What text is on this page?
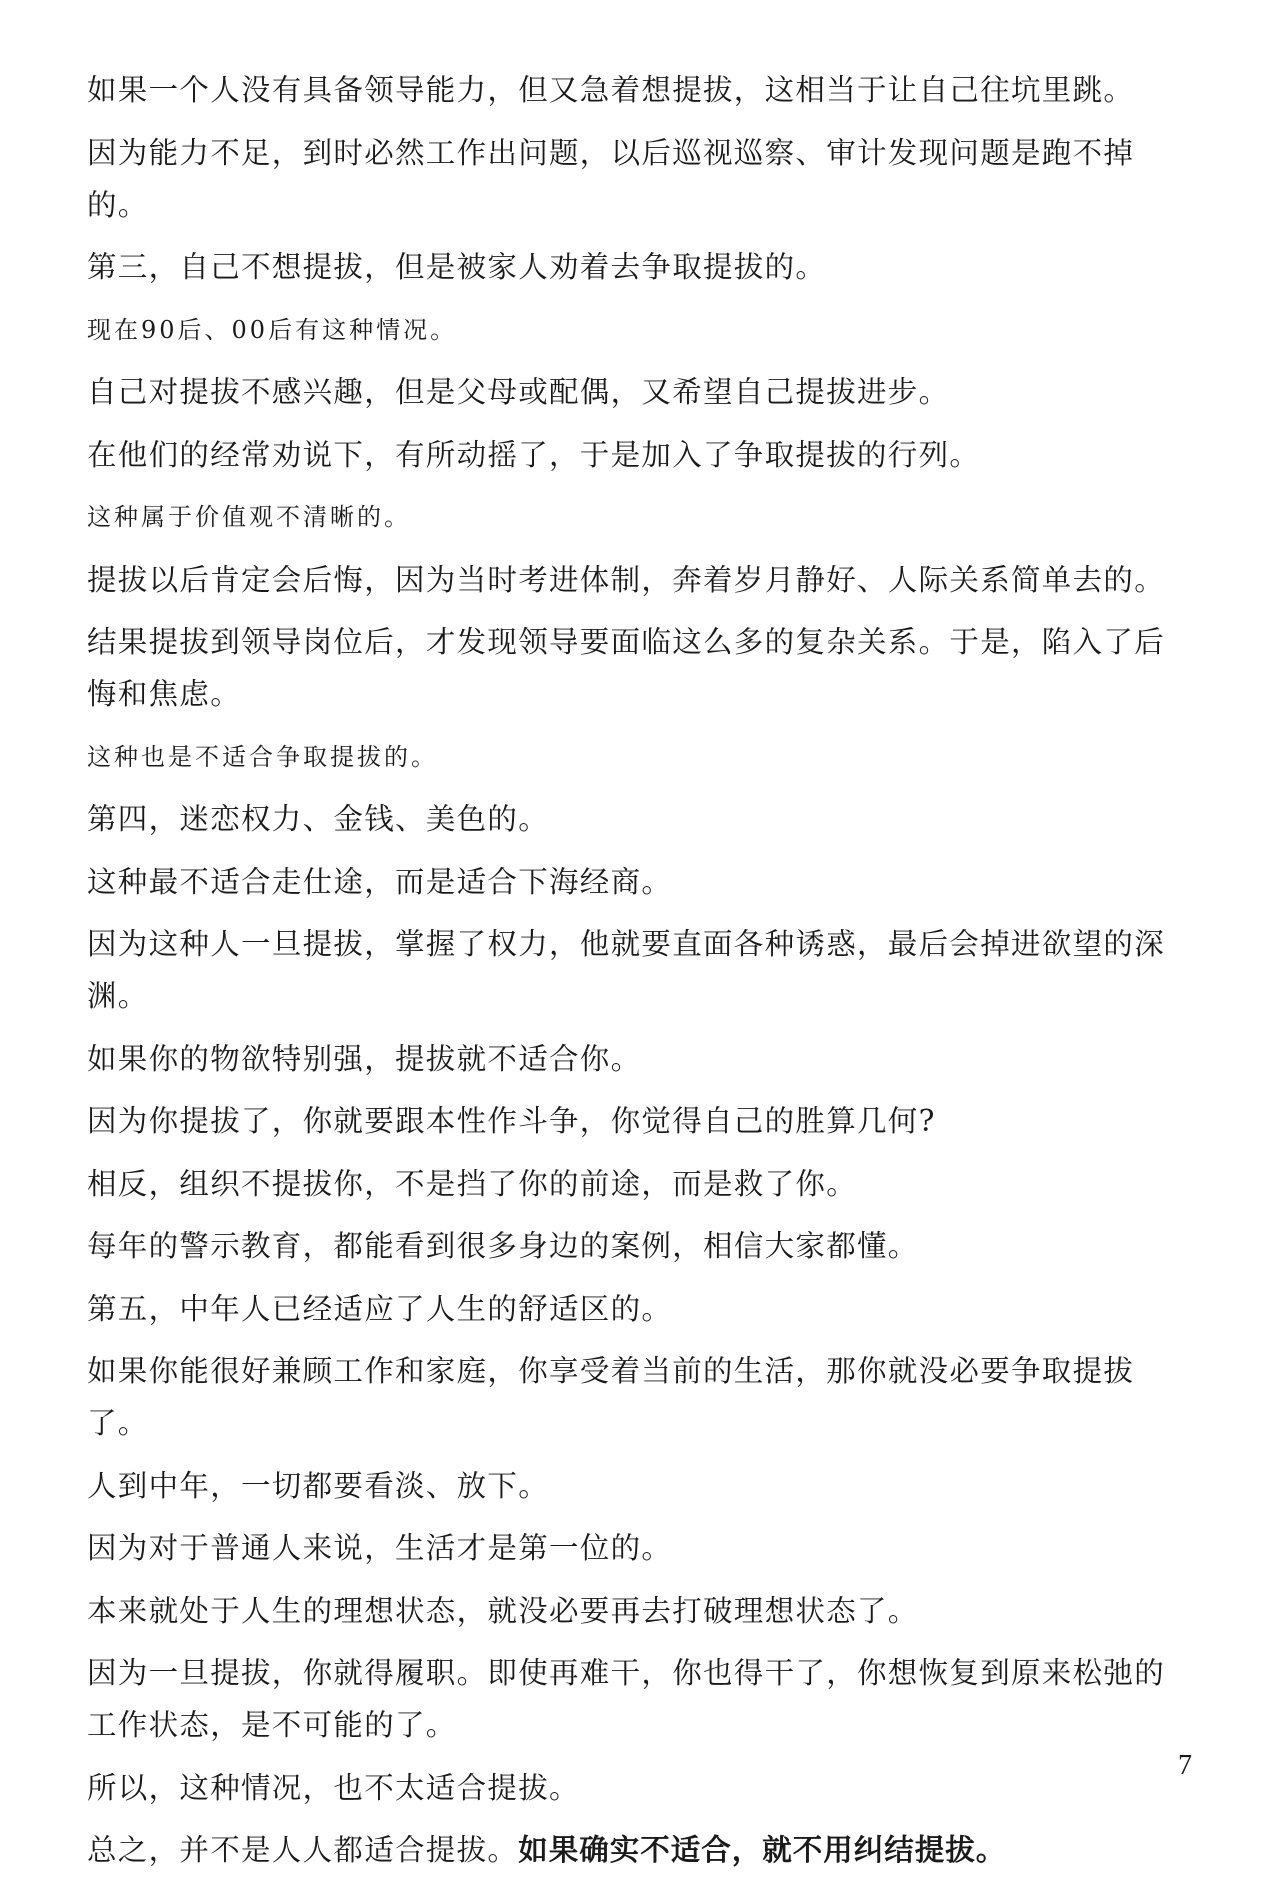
如果一个人没有具备领导能力，但又急着想提拔，这相当于让自己往坑里跳。

因为能力不足，到时必然工作出问题，以后巡视巡察、审计发现问题是跑不掉的。

第三，自己不想提拔，但是被家人劝着去争取提拔的。

现在90后、00后有这种情况。

自己对提拔不感兴趣，但是父母或配偶，又希望自己提拔进步。

在他们的经常劝说下，有所动摇了，于是加入了争取提拔的行列。

这种属于价值观不清晰的。

提拔以后肯定会后悔，因为当时考进体制，奔着岁月静好、人际关系简单去的。

结果提拔到领导岗位后，才发现领导要面临这么多的复杂关系。于是，陷入了后悔和焦虑。

这种也是不适合争取提拔的。

第四，迷恋权力、金钱、美色的。

这种最不适合走仕途，而是适合下海经商。

因为这种人一旦提拔，掌握了权力，他就要直面各种诱惑，最后会掉进欲望的深渊。

如果你的物欲特别强，提拔就不适合你。

因为你提拔了，你就要跟本性作斗争，你觉得自己的胜算几何?

相反，组织不提拔你，不是挡了你的前途，而是救了你。

每年的警示教育，都能看到很多身边的案例，相信大家都懂。

第五，中年人已经适应了人生的舒适区的。

如果你能很好兼顾工作和家庭，你享受着当前的生活，那你就没必要争取提拔了。

人到中年，一切都要看淡、放下。

因为对于普通人来说，生活才是第一位的。

本来就处于人生的理想状态，就没必要再去打破理想状态了。

因为一旦提拔，你就得履职。即使再难干，你也得干了，你想恢复到原来松弛的工作状态，是不可能的了。

所以，这种情况，也不太适合提拔。

总之，并不是人人都适合提拔。如果确实不适合，就不用纠结提拔。

7
